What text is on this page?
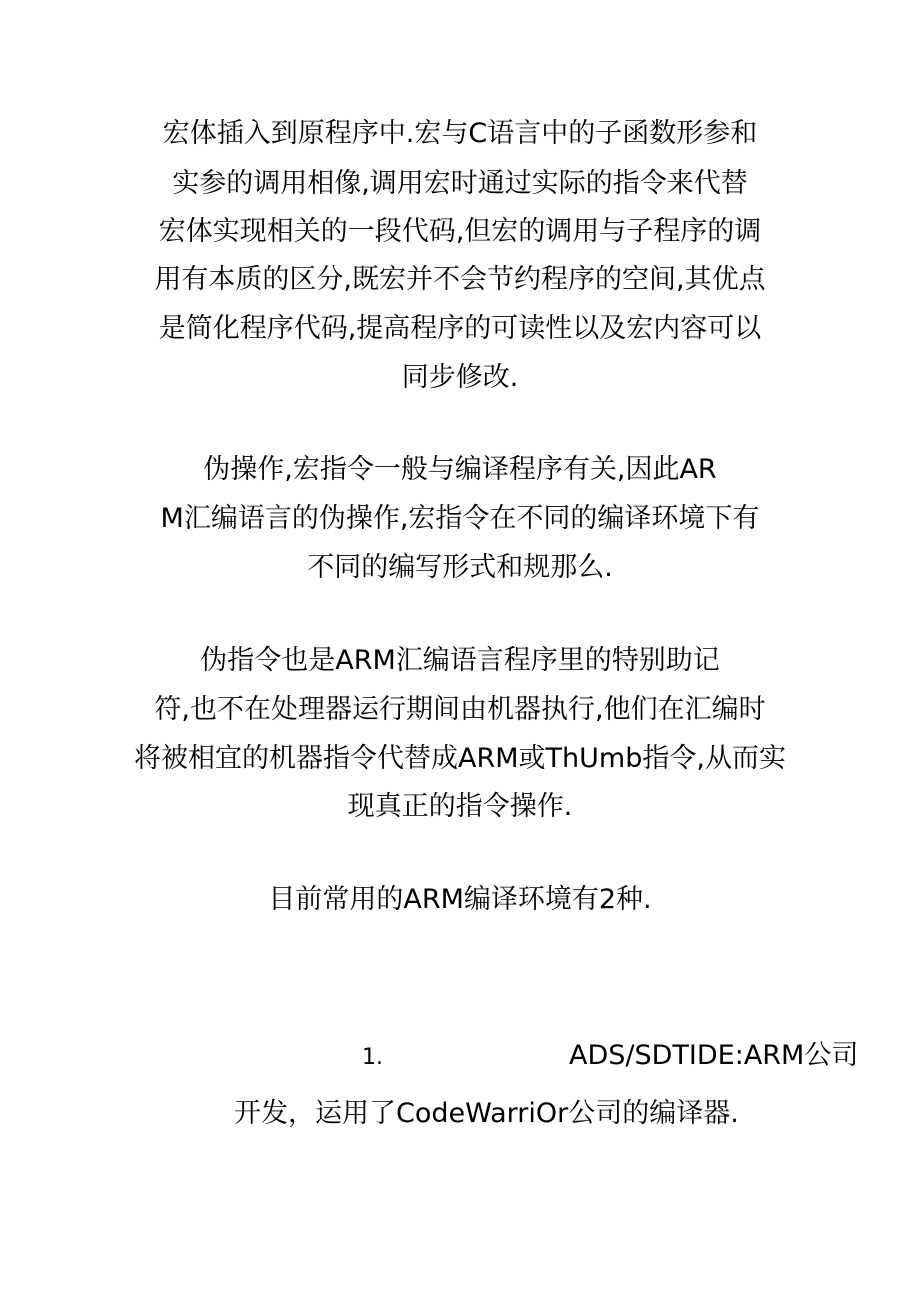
宏体插入到原程序中.宏与C语言中的子函数形参和
实参的调用相像,调用宏时通过实际的指令来代替
宏体实现相关的一段代码,但宏的调用与子程序的调
用有本质的区分,既宏并不会节约程序的空间,其优点
是简化程序代码,提高程序的可读性以及宏内容可以
同步修改.
伪操作,宏指令一般与编译程序有关,因此AR
M汇编语言的伪操作,宏指令在不同的编译环境下有
不同的编写形式和规那么.
伪指令也是ARM汇编语言程序里的特别助记
符,也不在处理器运行期间由机器执行,他们在汇编时
将被相宜的机器指令代替成ARM或ThUmb指令,从而实
现真正的指令操作.
目前常用的ARM编译环境有2种.
1.	ADS/SDTIDE:ARM公司
开发，运用了CodeWarriOr公司的编译器.
